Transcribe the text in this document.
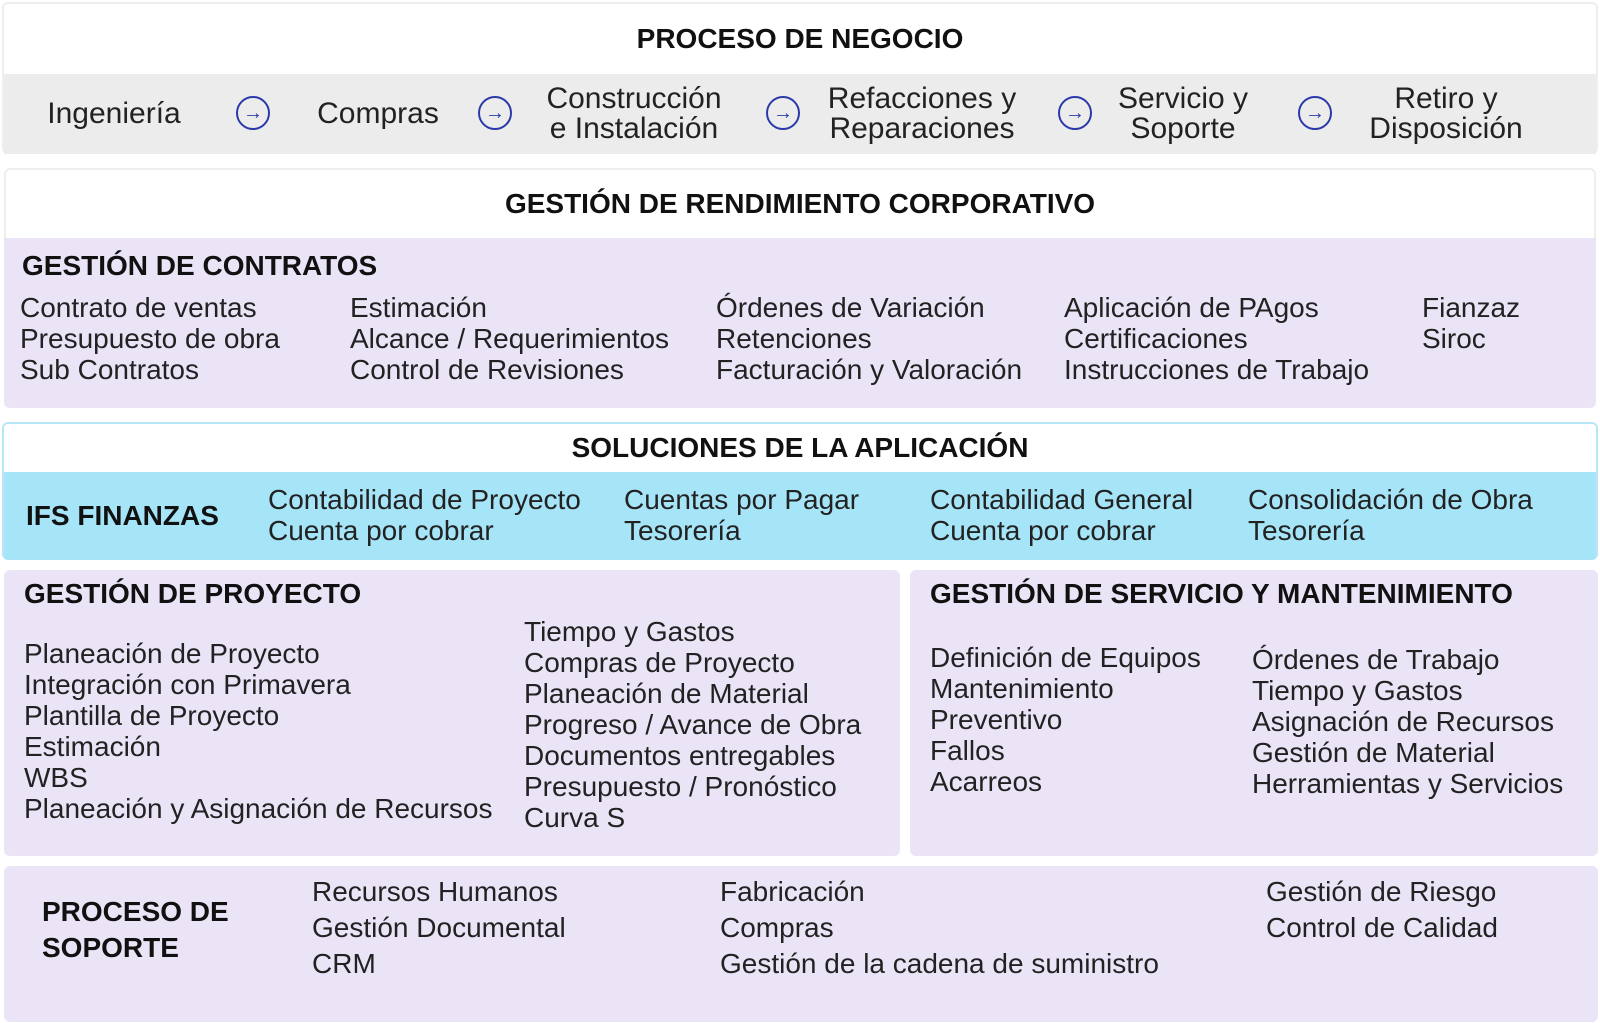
PROCESO DE NEGOCIO
Ingeniería	→ Compras → Construcción
e Instalación	→ Refacciones y
Reparaciones	→ Servicio y
Soporte	→	Retiro y
Disposición
GESTIÓN DE RENDIMIENTO CORPORATIVO
GESTIÓN DE CONTRATOS
Contrato de ventas
Presupuesto de obra
Sub Contratos
Estimación
Alcance / Requerimientos
Control de Revisiones
Órdenes de Variación
Retenciones
Facturación y Valoración
Aplicación de PAgos
Certificaciones
Instrucciones de Trabajo
Fianzaz
Siroc
SOLUCIONES DE LA APLICACIÓN
IFS FINANZAS
Contabilidad de Proyecto
Cuenta por cobrar
Cuentas por Pagar
Tesorería
Contabilidad General
Cuenta por cobrar
Consolidación de Obra
Tesorería
GESTIÓN DE PROYECTO
Planeación de Proyecto
Integración con Primavera
Plantilla de Proyecto
Estimación
WBS
Planeación y Asignación de Recursos
Tiempo y Gastos
Compras de Proyecto
Planeación de Material
Progreso / Avance de Obra
Documentos entregables
Presupuesto / Pronóstico
Curva S
GESTIÓN DE SERVICIO Y MANTENIMIENTO
Definición de Equipos
Mantenimiento
Preventivo
Fallos
Acarreos
Órdenes de Trabajo
Tiempo y Gastos
Asignación de Recursos
Gestión de Material
Herramientas y Servicios
PROCESO DE
SOPORTE
Recursos Humanos
Gestión Documental
CRM
Fabricación
Compras
Gestión de la cadena de suministro
Gestión de Riesgo
Control de Calidad
